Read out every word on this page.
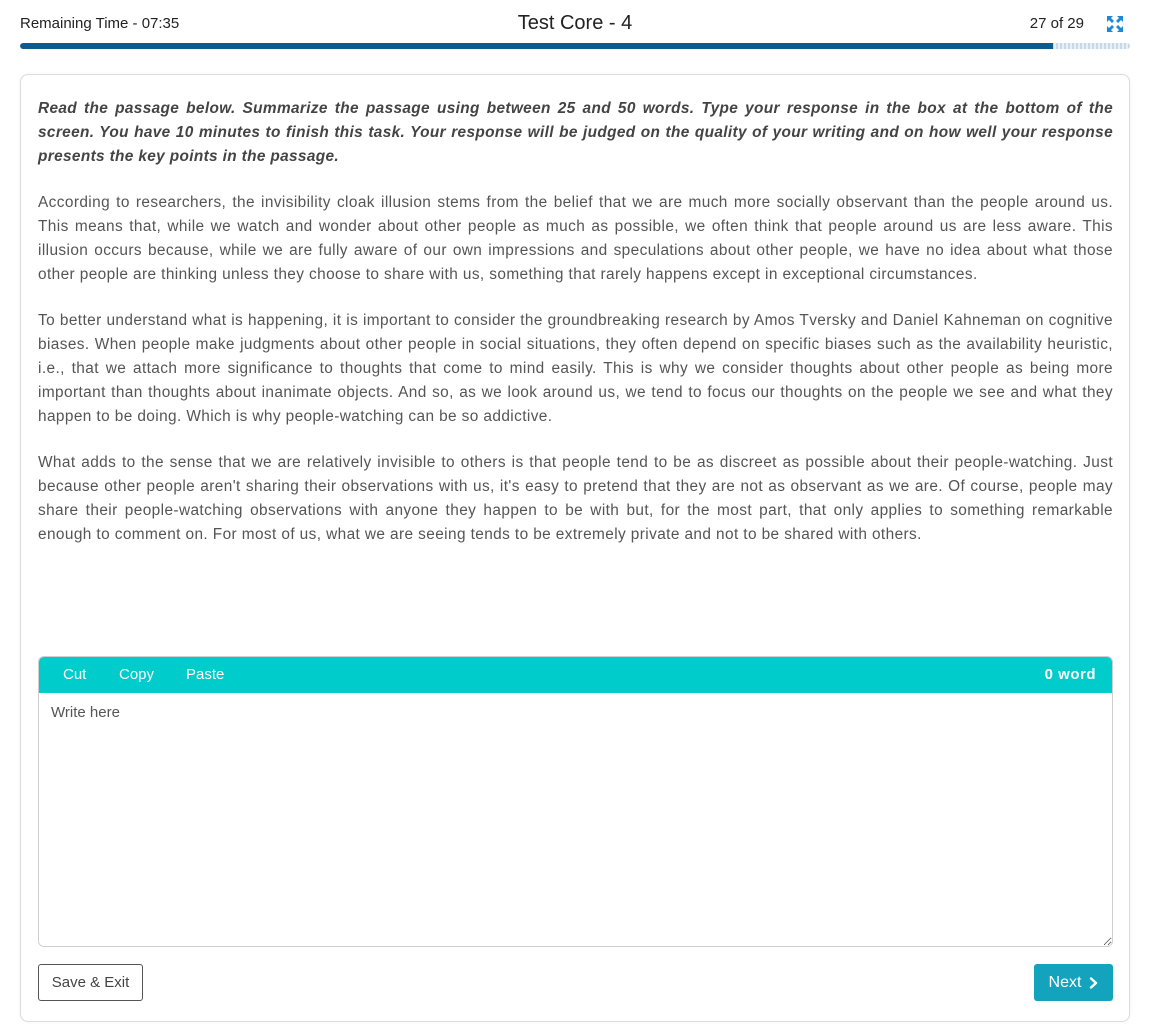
Remaining Time - 07:35	Test Core - 4	27 of 29
Read the passage below. Summarize the passage using between 25 and 50 words. Type your response in the box at the bottom of the screen. You have 10 minutes to finish this task. Your response will be judged on the quality of your writing and on how well your response presents the key points in the passage.

According to researchers, the invisibility cloak illusion stems from the belief that we are much more socially observant than the people around us. This means that, while we watch and wonder about other people as much as possible, we often think that people around us are less aware. This illusion occurs because, while we are fully aware of our own impressions and speculations about other people, we have no idea about what those other people are thinking unless they choose to share with us, something that rarely happens except in exceptional circumstances.

To better understand what is happening, it is important to consider the groundbreaking research by Amos Tversky and Daniel Kahneman on cognitive biases. When people make judgments about other people in social situations, they often depend on specific biases such as the availability heuristic, i.e., that we attach more significance to thoughts that come to mind easily. This is why we consider thoughts about other people as being more important than thoughts about inanimate objects. And so, as we look around us, we tend to focus our thoughts on the people we see and what they happen to be doing. Which is why people-watching can be so addictive.

What adds to the sense that we are relatively invisible to others is that people tend to be as discreet as possible about their people-watching. Just because other people aren't sharing their observations with us, it's easy to pretend that they are not as observant as we are. Of course, people may share their people-watching observations with anyone they happen to be with but, for the most part, that only applies to something remarkable enough to comment on. For most of us, what we are seeing tends to be extremely private and not to be shared with others.

Cut Copy Paste	0 word
Write here
Save & Exit	Next
